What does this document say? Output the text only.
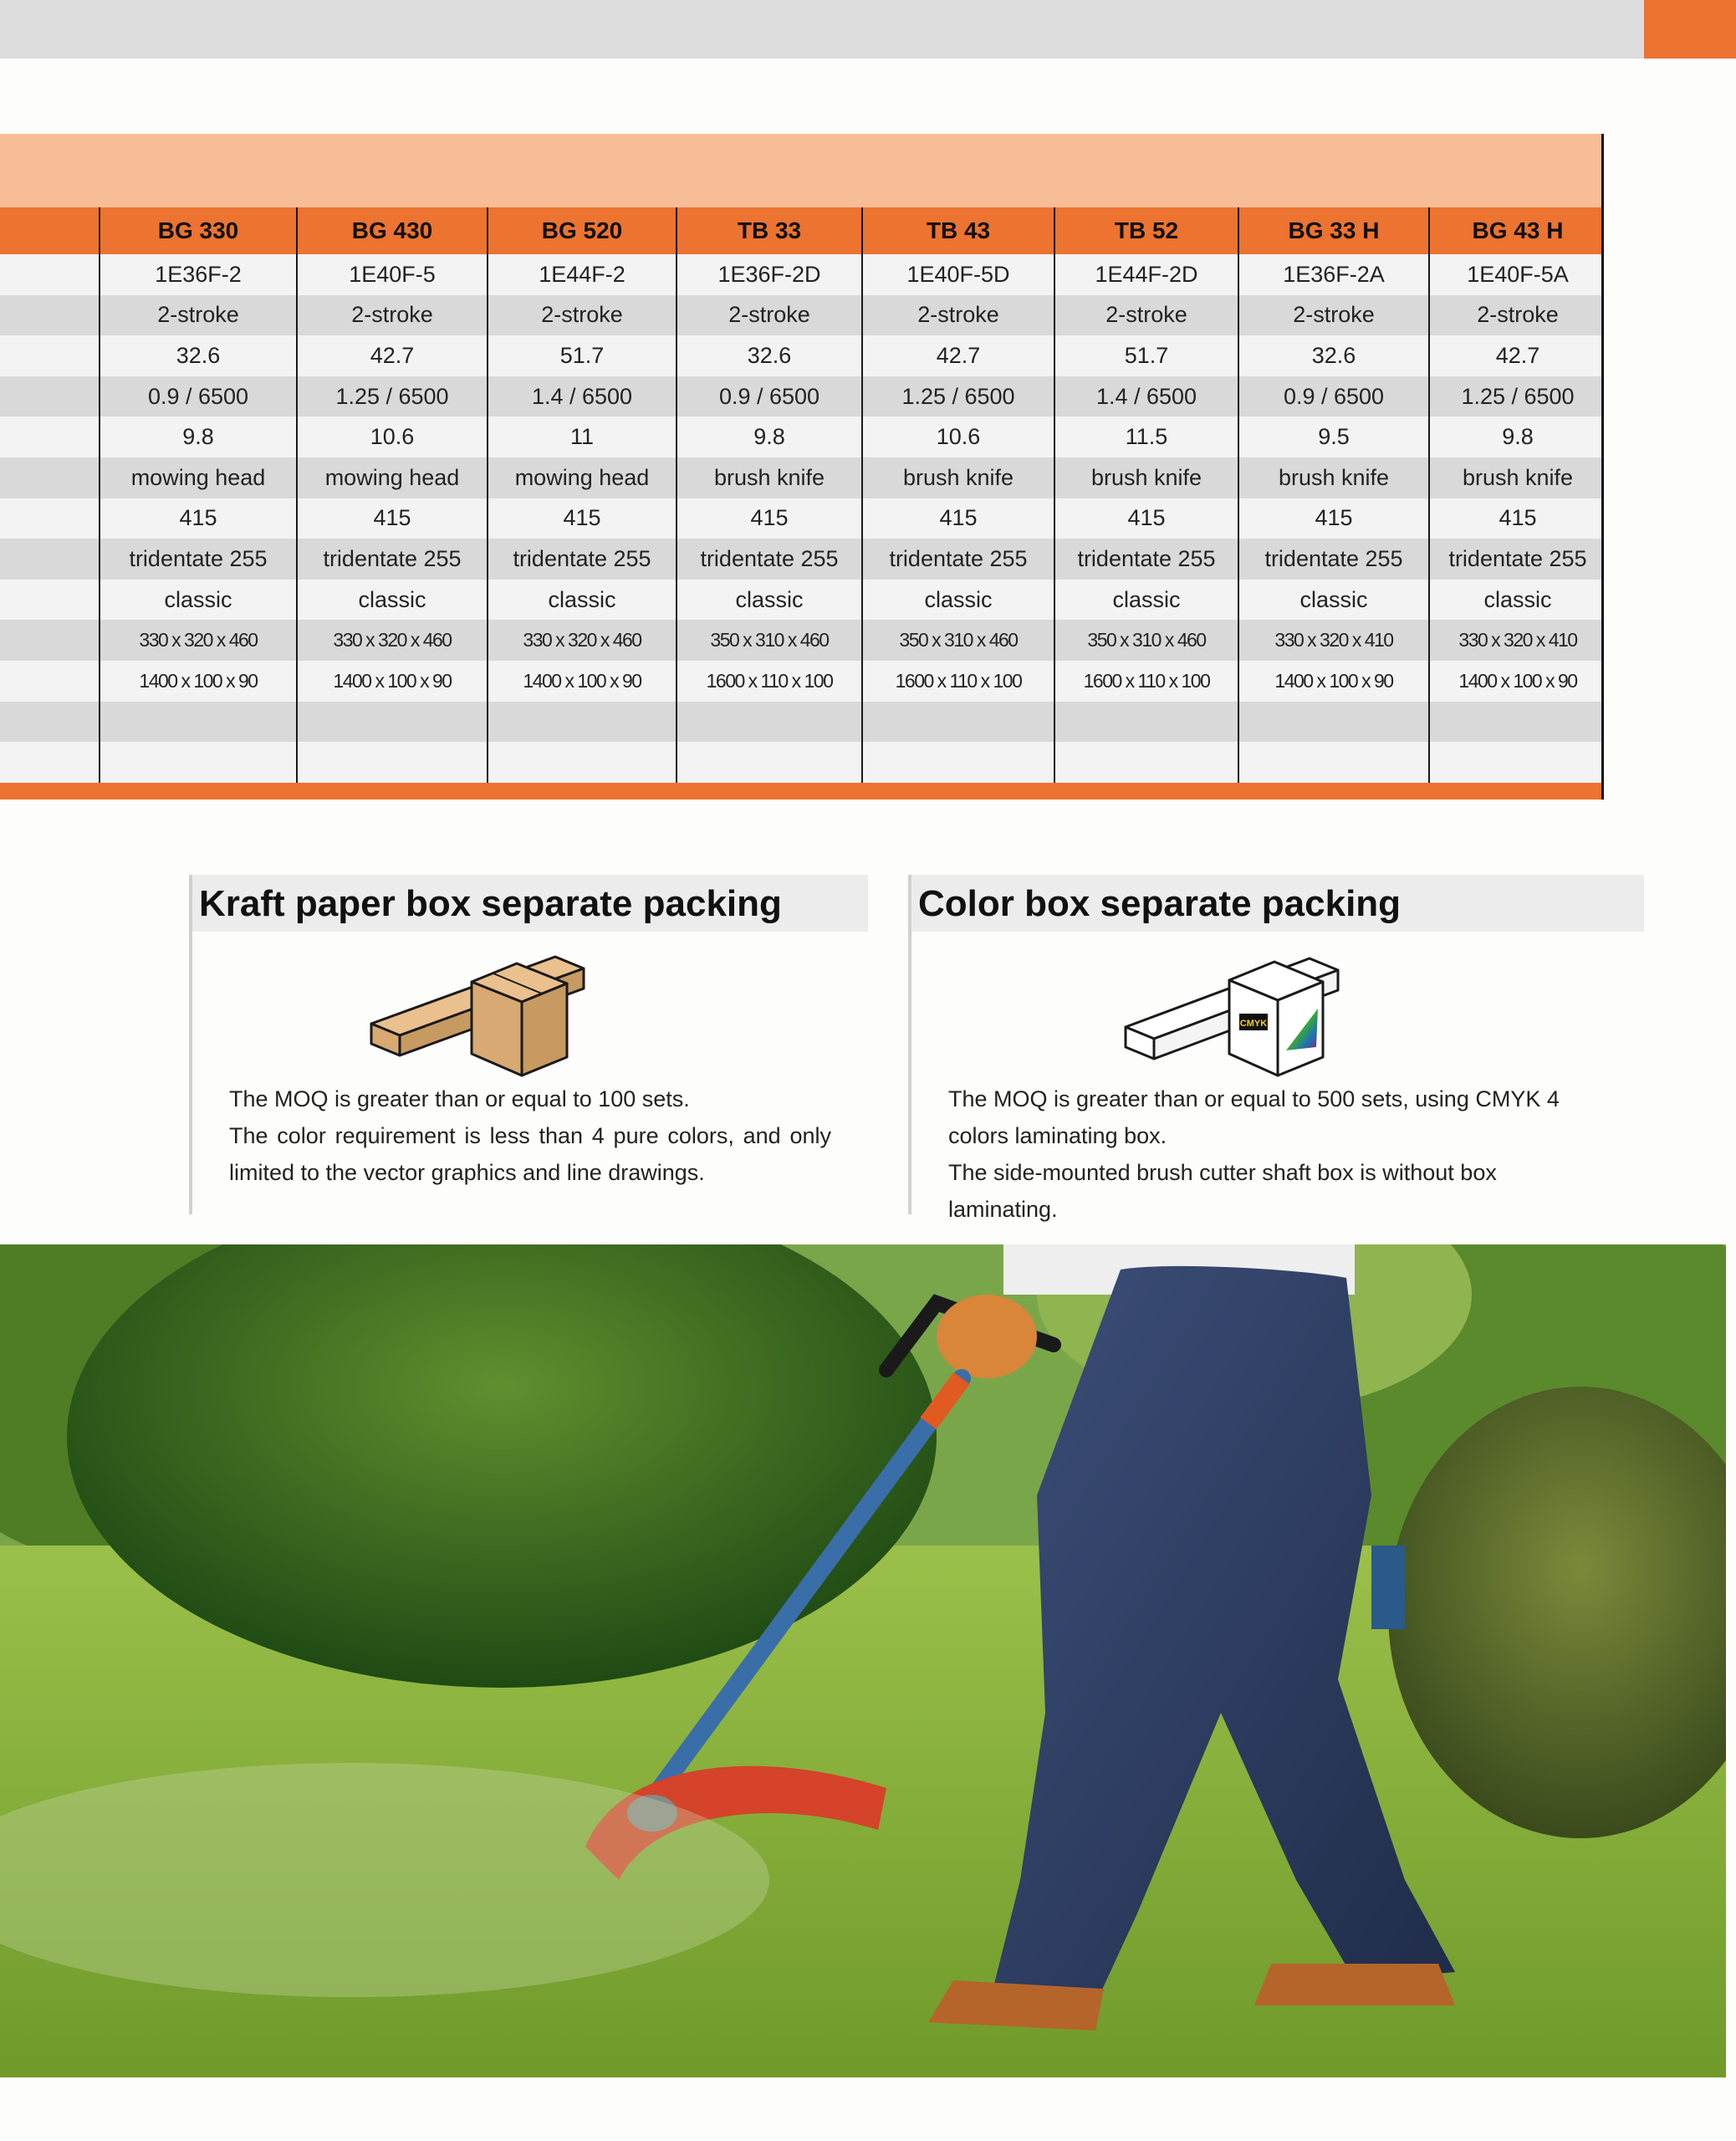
BG 330	BG 430	BG 520	TB 33	TB 43	TB 52	BG 33 H	BG 43 H
1E36F-2	1E40F-5	1E44F-2	1E36F-2D	1E40F-5D	1E44F-2D	1E36F-2A	1E40F-5A
2-stroke	2-stroke	2-stroke	2-stroke	2-stroke	2-stroke	2-stroke	2-stroke
32.6	42.7	51.7	32.6	42.7	51.7	32.6	42.7
0.9 / 6500	1.25 / 6500	1.4 / 6500	0.9 / 6500	1.25 / 6500	1.4 / 6500	0.9 / 6500	1.25 / 6500
9.8	10.6	11	9.8	10.6	11.5	9.5	9.8
mowing head	mowing head	mowing head	brush knife	brush knife	brush knife	brush knife	brush knife
415	415	415	415	415	415	415	415
tridentate 255	tridentate 255	tridentate 255	tridentate 255	tridentate 255	tridentate 255	tridentate 255	tridentate 255
classic	classic	classic	classic	classic	classic	classic	classic
330 x 320 x 460	330 x 320 x 460	330 x 320 x 460	350 x 310 x 460	350 x 310 x 460	350 x 310 x 460	330 x 320 x 410	330 x 320 x 410
1400 x 100 x 90	1400 x 100 x 90	1400 x 100 x 90	1600 x 110 x 100	1600 x 110 x 100	1600 x 110 x 100	1400 x 100 x 90	1400 x 100 x 90
Kraft paper box separate packing

The MOQ is greater than or equal to 100 sets.

The color requirement is less than 4 pure colors, and only limited to the vector graphics and line drawings.

Color box separate packing
CMYK

The MOQ is greater than or equal to 500 sets, using CMYK 4 colors laminating box.

The side-mounted brush cutter shaft box is without box laminating.
